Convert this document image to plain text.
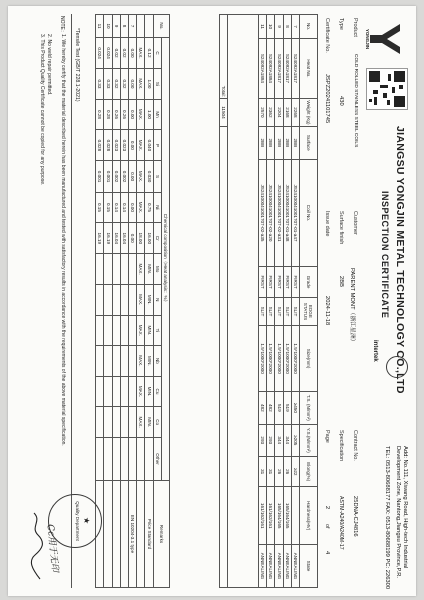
YONGJIN
JIANGSU YONGJIN METAL TECHNOLOGY CO.,LTD
INSPECTION CERTIFICATE
intertek
Add: No.111, Xiwang Road, High-tech Industrial
Development Zone, Nantong,Jiangsu Province,P.R.
TEL: 0513-80688177 FAX: 0513-80688199 PC: 226300
Product
COLD ROLLED STAINLESS STEEL COILS
Customer
PARENT MONT（浙江星洲）
Contract No.
25DNA-CJ4816
Type
430
Surface finish
2BB
Specification
ASTM-A240/A240M-17
Certificate No.
JSPZ20241101745
Issue date
2024-11-18
Page
2
of
4
No.	Heat No.	Weight (Kg)	Surface	Coil No.	Grade	EDGE STATUS	Size(mm)	T.S. (N/mm²)	Y.S.(N/mm²)	Elong(%)	Hardness(HV)	State
7	S24092A1817	2268	2BB	JS24100041001707-01-a47	FIRST	SLIT	1.5*1000*2000	≥450	≥205	≥22		ANNEALING
8	S24092A1817	2168	2BB	JS24100041001707-01-a48	FIRST	SLIT	1.5*1000*2000	519	344	26	165/164/165	ANNEALING
9	S24092A1817	2204	2BB	JS24100041001707-02-a31	FIRST	SLIT	1.5*1000*2000	519	344	26	165/164/165	ANNEALING
10	S24092A1884	2362	2BB	JS24100041001707-02-a20	FIRST	SLIT	1.5*1000*2000	482	293	31	161/162/161	ANNEALING
11	S24092A1884	2570	2BB	JS24100041001707-02-a35	FIRST	SLIT	1.5*1000*2000	482	293	31	161/162/161	ANNEALING

Total:		11504										
No.	Chemical composition（Heat analysis：%）														Remarks
	C	Si	Mn	P	S	Ni	Cr	Mo	N	Ti	Nb	Cu	Co	Other	
	0.12	1.00	1.00	0.040	0.030	0.75	16.00	MIN.	MIN.	MIN.	MIN.	MIN.	MIN.		Price Standard
	MAX.	MAX.	MAX.	MAX.	MAX.	MAX.	18.00	MAX.	MAX.	MAX.	MAX.	MAX.	MAX.		
7	0.00	0.00	0.00	0.00	0.00	0.00	0.00								EN 10204-3.1 type
8	0.02	0.32	0.26	0.023	0.002	0.14	16.04								
9	0.02	0.32	0.26	0.023	0.002	0.14	16.04								
10	0.024	0.33	0.28	0.028	0.001	0.15	16.19								
11	0.024	0.33	0.28	0.028	0.001	0.15	16.19								
*Tensile Test (GB/T 228.1-2021)
NOTE：
1. We hereby certify that the material described herein has been manufactured and tested with satisfactory results in accordance with the requirements of the above material specification.
2. No weld repair permitted.
3. This Product Quality Certificate cannot be copied for any purpose.
Quality Department ★
Cc用于无印
